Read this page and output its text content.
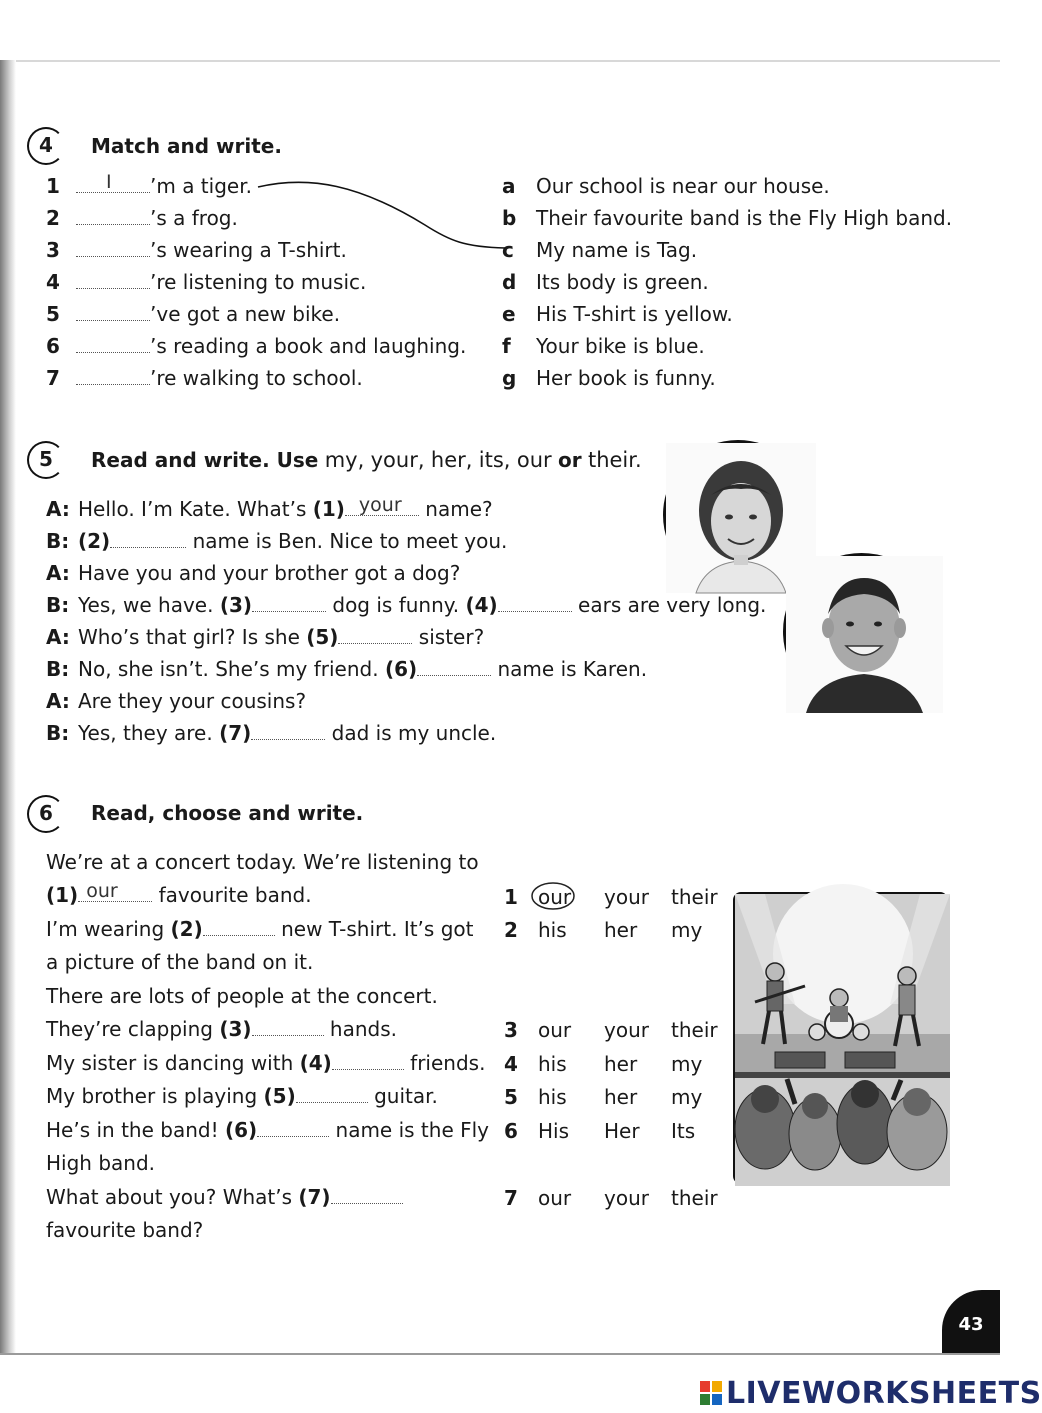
4	Match and write.
1 I ’m a tiger.
2	’s a frog.
3	’s wearing a T-shirt.
4	’re listening to music.
5	’ve got a new bike.
6	’s reading a book and laughing.
7	’re walking to school.
a Our school is near our house.
b Their favourite band is the Fly High band.
c My name is Tag.
d Its body is green.
e His T-shirt is yellow.
f Your bike is blue.
g Her book is funny.
5	Read and write. Use my, your, her, its, our or their.
A: Hello. I’m Kate. What’s (1) your name?
B: (2)	name is Ben. Nice to meet you.
A: Have you and your brother got a dog?
B: Yes, we have. (3)	dog is funny. (4)	ears are very long.
A: Who’s that girl? Is she (5)	sister?
B: No, she isn’t. She’s my friend. (6)	name is Karen.
A: Are they your cousins?
B: Yes, they are. (7)	dad is my uncle.
6	Read, choose and write.
We’re at a concert today. We’re listening to
(1) our favourite band.
I’m wearing (2)	new T-shirt. It’s got
a picture of the band on it.
There are lots of people at the concert.
They’re clapping (3)	hands.
My sister is dancing with (4)	friends.
My brother is playing (5)	guitar.
He’s in the band! (6)	name is the Fly
High band.
What about you? What’s (7)
favourite band?
1 our your their
2 his her my
3 our your their
4 his her my
5 his her my
6 His Her Its
7 our your their
43
LIVEWORKSHEETS
